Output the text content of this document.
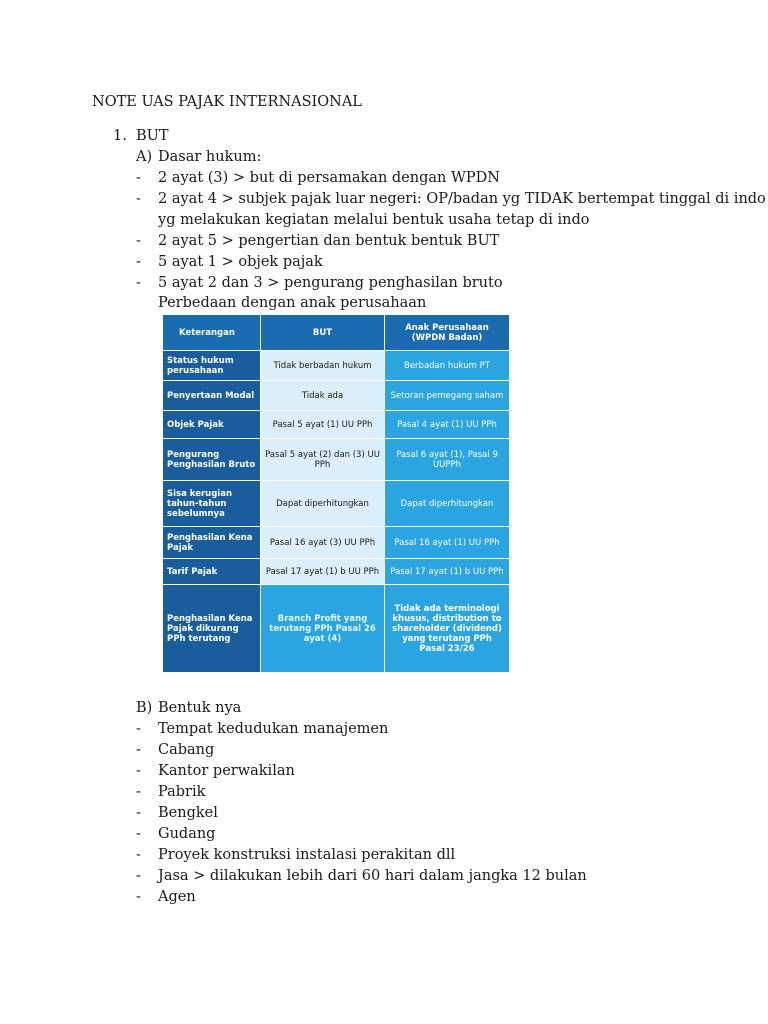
NOTE UAS PAJAK INTERNASIONAL
1. BUT
A) Dasar hukum:
- 2 ayat (3) > but di persamakan dengan WPDN
- 2 ayat 4 > subjek pajak luar negeri: OP/badan yg TIDAK bertempat tinggal di indo
yg melakukan kegiatan melalui bentuk usaha tetap di indo
- 2 ayat 5 > pengertian dan bentuk bentuk BUT
- 5 ayat 1 > objek pajak
- 5 ayat 2 dan 3 > pengurang penghasilan bruto
Perbedaan dengan anak perusahaan
Keterangan	BUT	Anak Perusahaan (WPDN Badan)
Status hukum perusahaan	Tidak berbadan hukum	Berbadan hukum PT
Penyertaan Modal	Tidak ada	Setoran pemegang saham
Objek Pajak	Pasal 5 ayat (1) UU PPh	Pasal 4 ayat (1) UU PPh
Pengurang Penghasilan Bruto	Pasal 5 ayat (2) dan (3) UU PPh	Pasal 6 ayat (1), Pasal 9 UUPPh
Sisa kerugian tahun-tahun sebelumnya	Dapat diperhitungkan	Dapat diperhitungkan
Penghasilan Kena Pajak	Pasal 16 ayat (3) UU PPh	Pasal 16 ayat (1) UU PPh
Tarif Pajak	Pasal 17 ayat (1) b UU PPh	Pasal 17 ayat (1) b UU PPh
Penghasilan Kena Pajak dikurang PPh terutang	Branch Profit yang terutang PPh Pasal 26 ayat (4)	Tidak ada terminologi khusus, distribution to shareholder (dividend) yang terutang PPh Pasal 23/26
B) Bentuk nya
- Tempat kedudukan manajemen
- Cabang
- Kantor perwakilan
- Pabrik
- Bengkel
- Gudang
- Proyek konstruksi instalasi perakitan dll
- Jasa > dilakukan lebih dari 60 hari dalam jangka 12 bulan
- Agen
